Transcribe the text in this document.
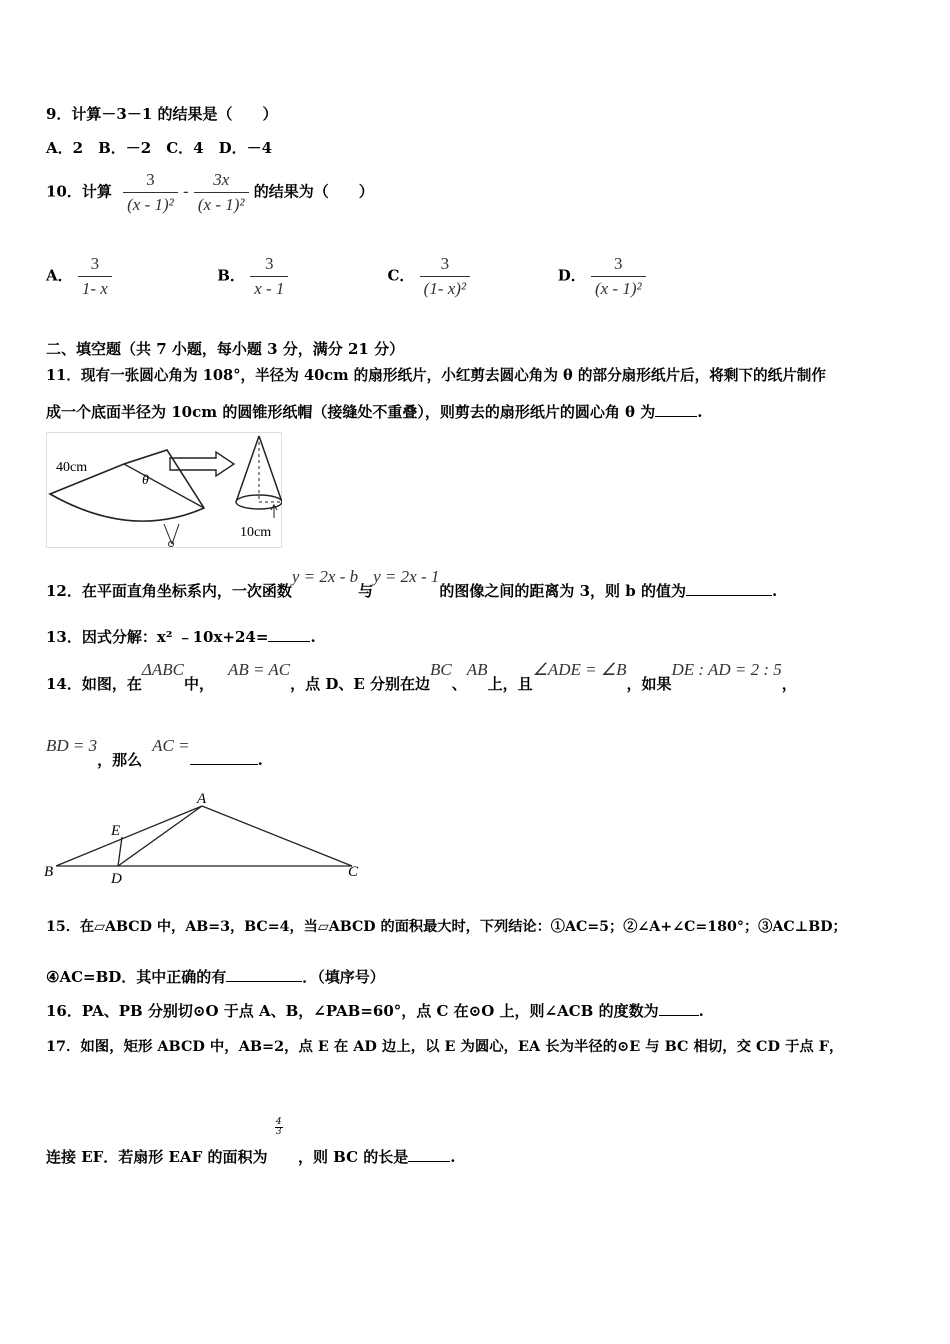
9．计算－3－1 的结果是（　　）
A．2　B．－2　C．4　D．－4
10．计算 $\frac{3}{\text{(x - 1)²}} - \frac{3x}{\text{(x - 1)²}}$ 的结果为（　　）
A． $\frac{3}{1- x}$	B． $\frac{3}{x - 1}$	C． $\frac{3}{\text{(1- x)²}}$	D． $\frac{3}{\text{(x - 1)²}}$
二、填空题（共 7 小题，每小题 3 分，满分 21 分）
11．现有一张圆心角为 108°，半径为 40cm 的扇形纸片，小红剪去圆心角为 θ 的部分扇形纸片后，将剩下的纸片制作
成一个底面半径为 10cm 的圆锥形纸帽（接缝处不重叠），则剪去的扇形纸片的圆心角 θ 为	.
40cm
θ
10cm
12．在平面直角坐标系内，一次函数y = 2x - b与y = 2x - 1的图像之间的距离为 3，则 b 的值为	.
13．因式分解：x² ﹣10x+24=	.
14．如图，在ΔABC中，AB = AC，点 D、E 分别在边BC、AB上，且∠ADE = ∠B，如果DE : AD = 2 : 5，
BD = 3，那么AC =.
A
B	C
D
E
15．在▱ABCD 中，AB=3，BC=4，当▱ABCD 的面积最大时，下列结论：①AC=5；②∠A+∠C=180°；③AC⊥BD；
④AC=BD．其中正确的有	．（填序号）
16．PA、PB 分别切⊙O 于点 A、B，∠PAB=60°，点 C 在⊙O 上，则∠ACB 的度数为	.
17．如图，矩形 ABCD 中，AB=2，点 E 在 AD 边上，以 E 为圆心，EA 长为半径的⊙E 与 BC 相切，交 CD 于点 F，
连接 EF．若扇形 EAF 的面积为
$\frac{4}{3}$
，则 BC 的长是	.
